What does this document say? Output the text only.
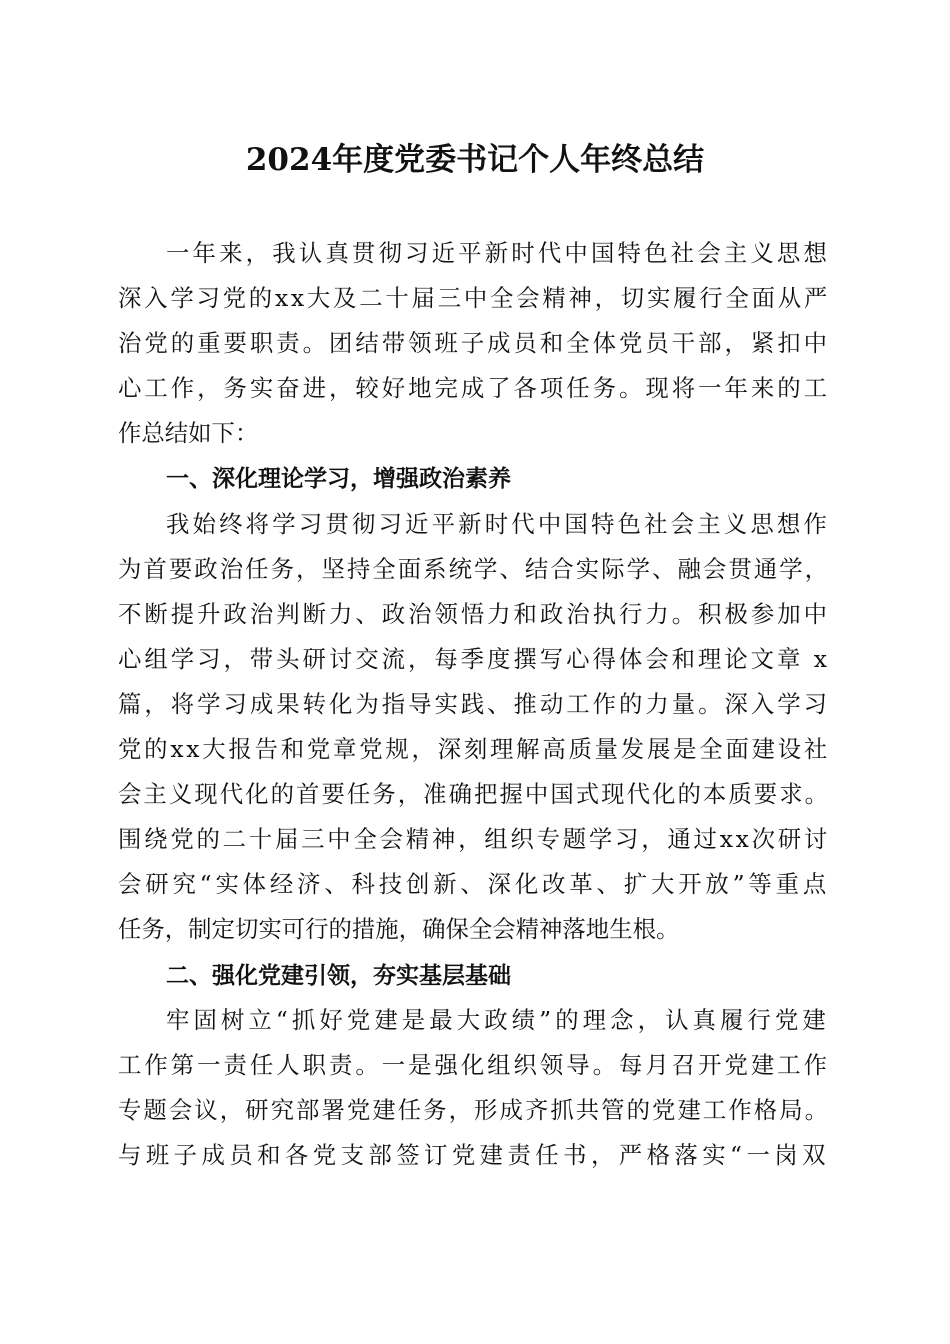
2024年度党委书记个人年终总结
一年来，我认真贯彻习近平新时代中国特色社会主义思想
深入学习党的xx大及二十届三中全会精神，切实履行全面从严
治党的重要职责。团结带领班子成员和全体党员干部，紧扣中
心工作，务实奋进，较好地完成了各项任务。现将一年来的工
作总结如下：
一、深化理论学习，增强政治素养
我始终将学习贯彻习近平新时代中国特色社会主义思想作
为首要政治任务，坚持全面系统学、结合实际学、融会贯通学，
不断提升政治判断力、政治领悟力和政治执行力。积极参加中
心组学习，带头研讨交流，每季度撰写心得体会和理论文章 x
篇，将学习成果转化为指导实践、推动工作的力量。深入学习
党的xx大报告和党章党规，深刻理解高质量发展是全面建设社
会主义现代化的首要任务，准确把握中国式现代化的本质要求。
围绕党的二十届三中全会精神，组织专题学习，通过xx次研讨
会研究“实体经济、科技创新、深化改革、扩大开放”等重点
任务，制定切实可行的措施，确保全会精神落地生根。
二、强化党建引领，夯实基层基础
牢固树立“抓好党建是最大政绩”的理念，认真履行党建
工作第一责任人职责。一是强化组织领导。每月召开党建工作
专题会议，研究部署党建任务，形成齐抓共管的党建工作格局。
与班子成员和各党支部签订党建责任书，严格落实“一岗双
